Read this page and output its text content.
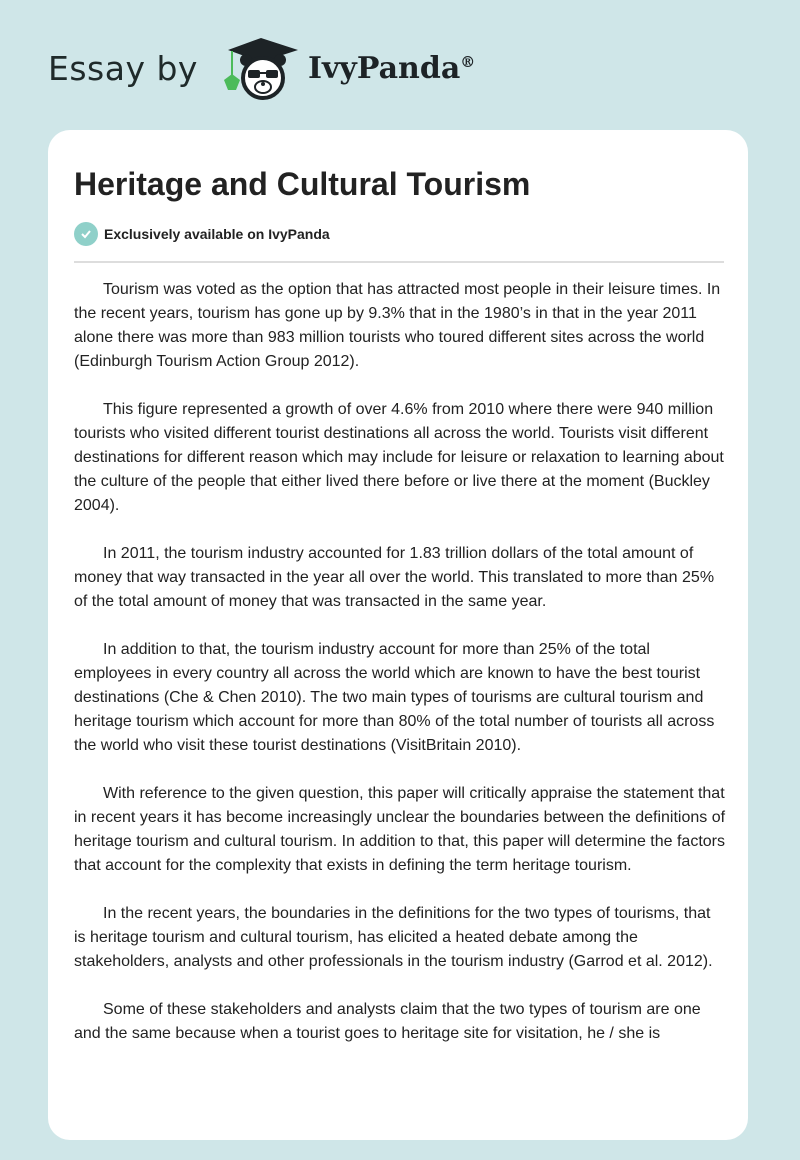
Essay by	IvyPanda®
Heritage and Cultural Tourism
Exclusively available on IvyPanda

Tourism was voted as the option that has attracted most people in their leisure times. In the recent years, tourism has gone up by 9.3% that in the 1980’s in that in the year 2011 alone there was more than 983 million tourists who toured different sites across the world (Edinburgh Tourism Action Group 2012).

This figure represented a growth of over 4.6% from 2010 where there were 940 million tourists who visited different tourist destinations all across the world. Tourists visit different destinations for different reason which may include for leisure or relaxation to learning about the culture of the people that either lived there before or live there at the moment (Buckley 2004).

In 2011, the tourism industry accounted for 1.83 trillion dollars of the total amount of money that way transacted in the year all over the world. This translated to more than 25% of the total amount of money that was transacted in the same year.

In addition to that, the tourism industry account for more than 25% of the total employees in every country all across the world which are known to have the best tourist destinations (Che & Chen 2010). The two main types of tourisms are cultural tourism and heritage tourism which account for more than 80% of the total number of tourists all across the world who visit these tourist destinations (VisitBritain 2010).

With reference to the given question, this paper will critically appraise the statement that in recent years it has become increasingly unclear the boundaries between the definitions of heritage tourism and cultural tourism. In addition to that, this paper will determine the factors that account for the complexity that exists in defining the term heritage tourism.

In the recent years, the boundaries in the definitions for the two types of tourisms, that is heritage tourism and cultural tourism, has elicited a heated debate among the stakeholders, analysts and other professionals in the tourism industry (Garrod et al. 2012).

Some of these stakeholders and analysts claim that the two types of tourism are one and the same because when a tourist goes to heritage site for visitation, he / she is
